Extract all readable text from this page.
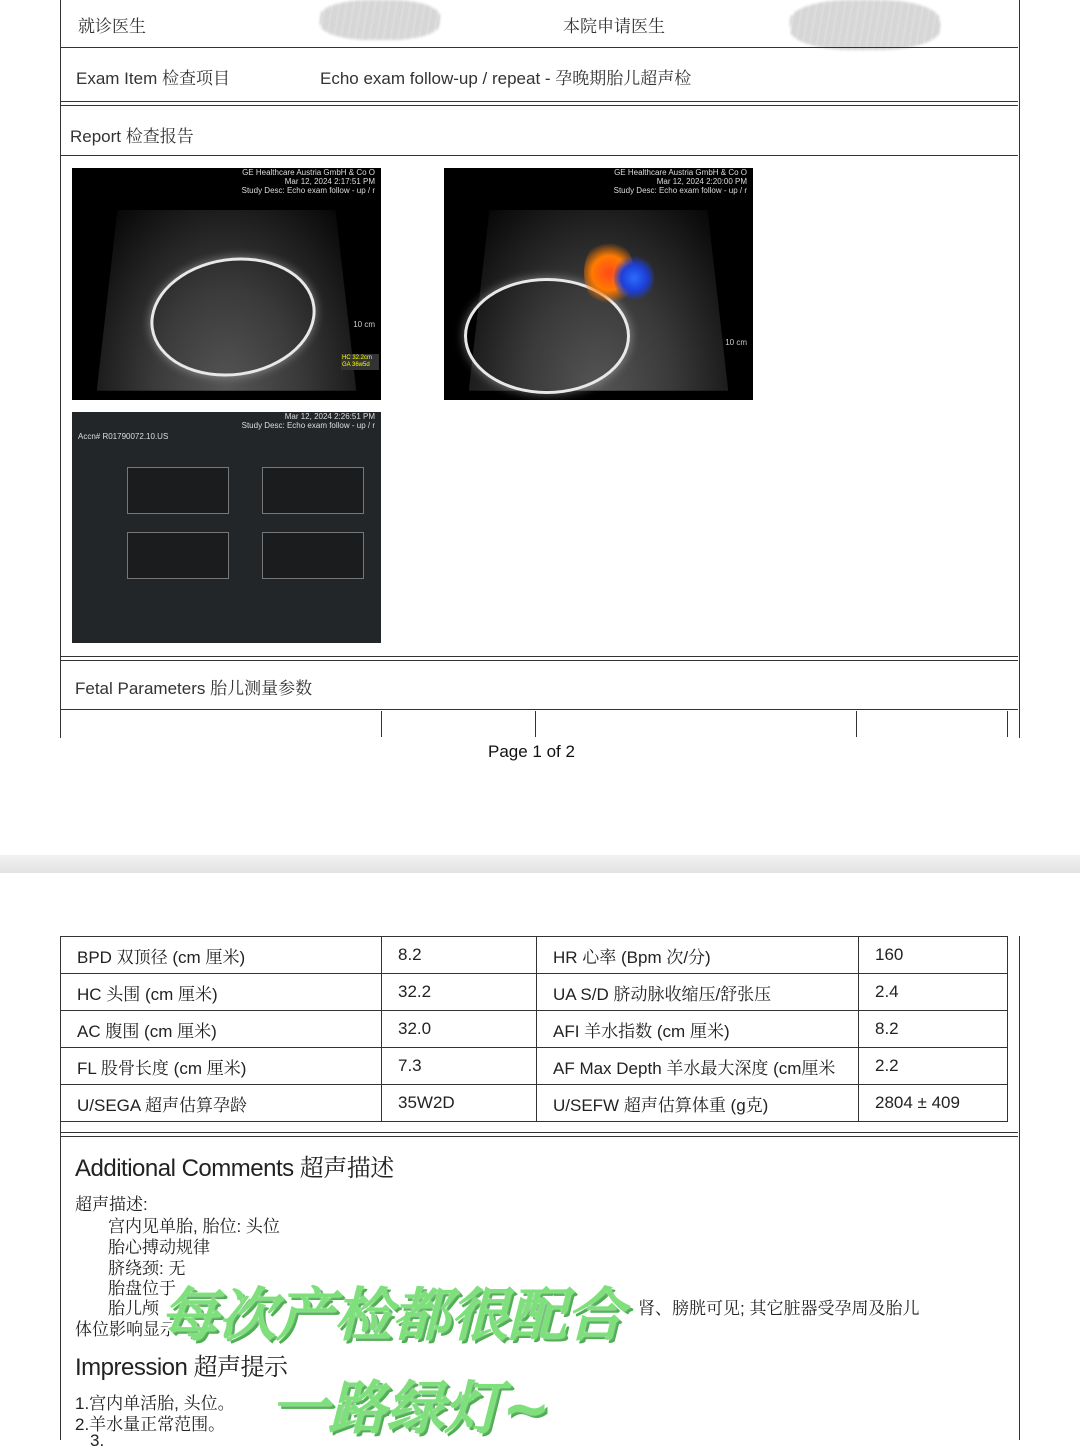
就诊医生	本院申请医生
Exam Item 检查项目	Echo exam follow-up / repeat - 孕晚期胎儿超声检
Report 检查报告
GE Healthcare Austria GmbH & Co O
Mar 12, 2024 2:17:51 PM
Study Desc: Echo exam follow - up / r
10 cm
HC 32.2cm GA 36w5d
GE Healthcare Austria GmbH & Co O
Mar 12, 2024 2:20:00 PM
Study Desc: Echo exam follow - up / r
10 cm
Accn# R01790072.10.US
Mar 12, 2024 2:26:51 PM
Study Desc: Echo exam follow - up / r
Fetal Parameters 胎儿测量参数
Page 1 of 2
BPD 双顶径 (cm 厘米)	8.2	HR 心率 (Bpm 次/分)	160
HC 头围 (cm 厘米)	32.2	UA S/D 脐动脉收缩压/舒张压	2.4
AC 腹围 (cm 厘米)	32.0	AFI 羊水指数 (cm 厘米)	8.2
FL 股骨长度 (cm 厘米)	7.3	AF Max Depth 羊水最大深度 (cm厘米	2.2
U/SEGA 超声估算孕龄	35W2D	U/SEFW 超声估算体重 (g克)	2804 ± 409
Additional Comments 超声描述
超声描述:
宫内见单胎, 胎位: 头位
胎心搏动规律
脐绕颈: 无
胎盘位于
胎儿颅	肾、膀胱可见; 其它脏器受孕周及胎儿
体位影响显示
Impression 超声提示
1.宫内单活胎, 头位。
2.羊水量正常范围。
3.
每次产检都很配合
一路绿灯~
